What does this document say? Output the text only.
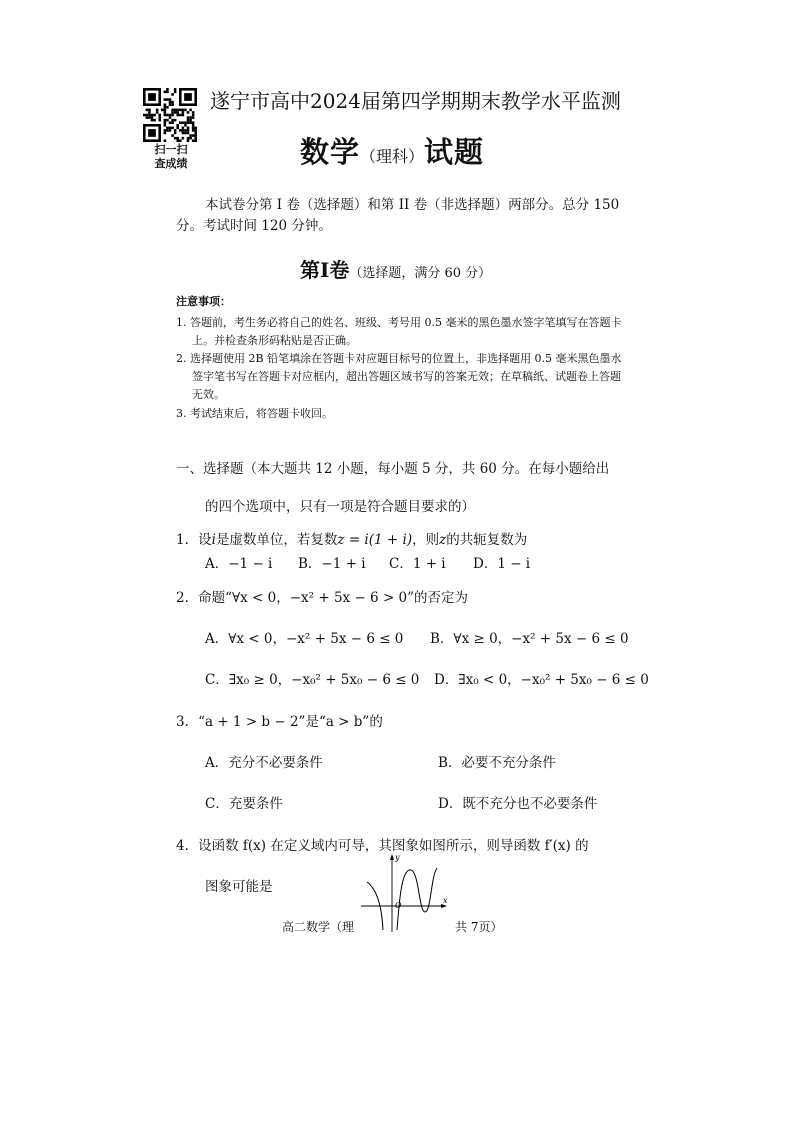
扫一扫
查成绩
遂宁市高中2024届第四学期期末教学水平监测
数学（理科）试题
本试卷分第 I 卷（选择题）和第 II 卷（非选择题）两部分。总分 150
分。考试时间 120 分钟。
第Ⅰ卷（选择题，满分 60 分）
注意事项：
1. 答题前，考生务必将自己的姓名、班级、考号用 0.5 毫米的黑色墨水签字笔填写在答题卡
上。并检查条形码粘贴是否正确。
2. 选择题使用 2B 铅笔填涂在答题卡对应题目标号的位置上，非选择题用 0.5 毫米黑色墨水
签字笔书写在答题卡对应框内，超出答题区域书写的答案无效；在草稿纸、试题卷上答题
无效。
3. 考试结束后，将答题卡收回。
一、选择题（本大题共 12 小题，每小题 5 分，共 60 分。在每小题给出
的四个选项中，只有一项是符合题目要求的）
1．设i是虚数单位，若复数z = i(1 + i)，则z的共轭复数为
A．−1 − i B．−1 + i C．1 + i D．1 − i
2．命题“∀x < 0，−x² + 5x − 6 > 0”的否定为
A．∀x < 0，−x² + 5x − 6 ≤ 0 B．∀x ≥ 0，−x² + 5x − 6 ≤ 0
C．∃x₀ ≥ 0，−x₀² + 5x₀ − 6 ≤ 0 D．∃x₀ < 0，−x₀² + 5x₀ − 6 ≤ 0
3．“a + 1 > b − 2”是“a > b”的
A．充分不必要条件	B．必要不充分条件
C．充要条件	D．既不充分也不必要条件
4．设函数 f(x) 在定义域内可导，其图象如图所示，则导函数 f′(x) 的
图象可能是
y
x
O
高二数学（理	共 7页）
